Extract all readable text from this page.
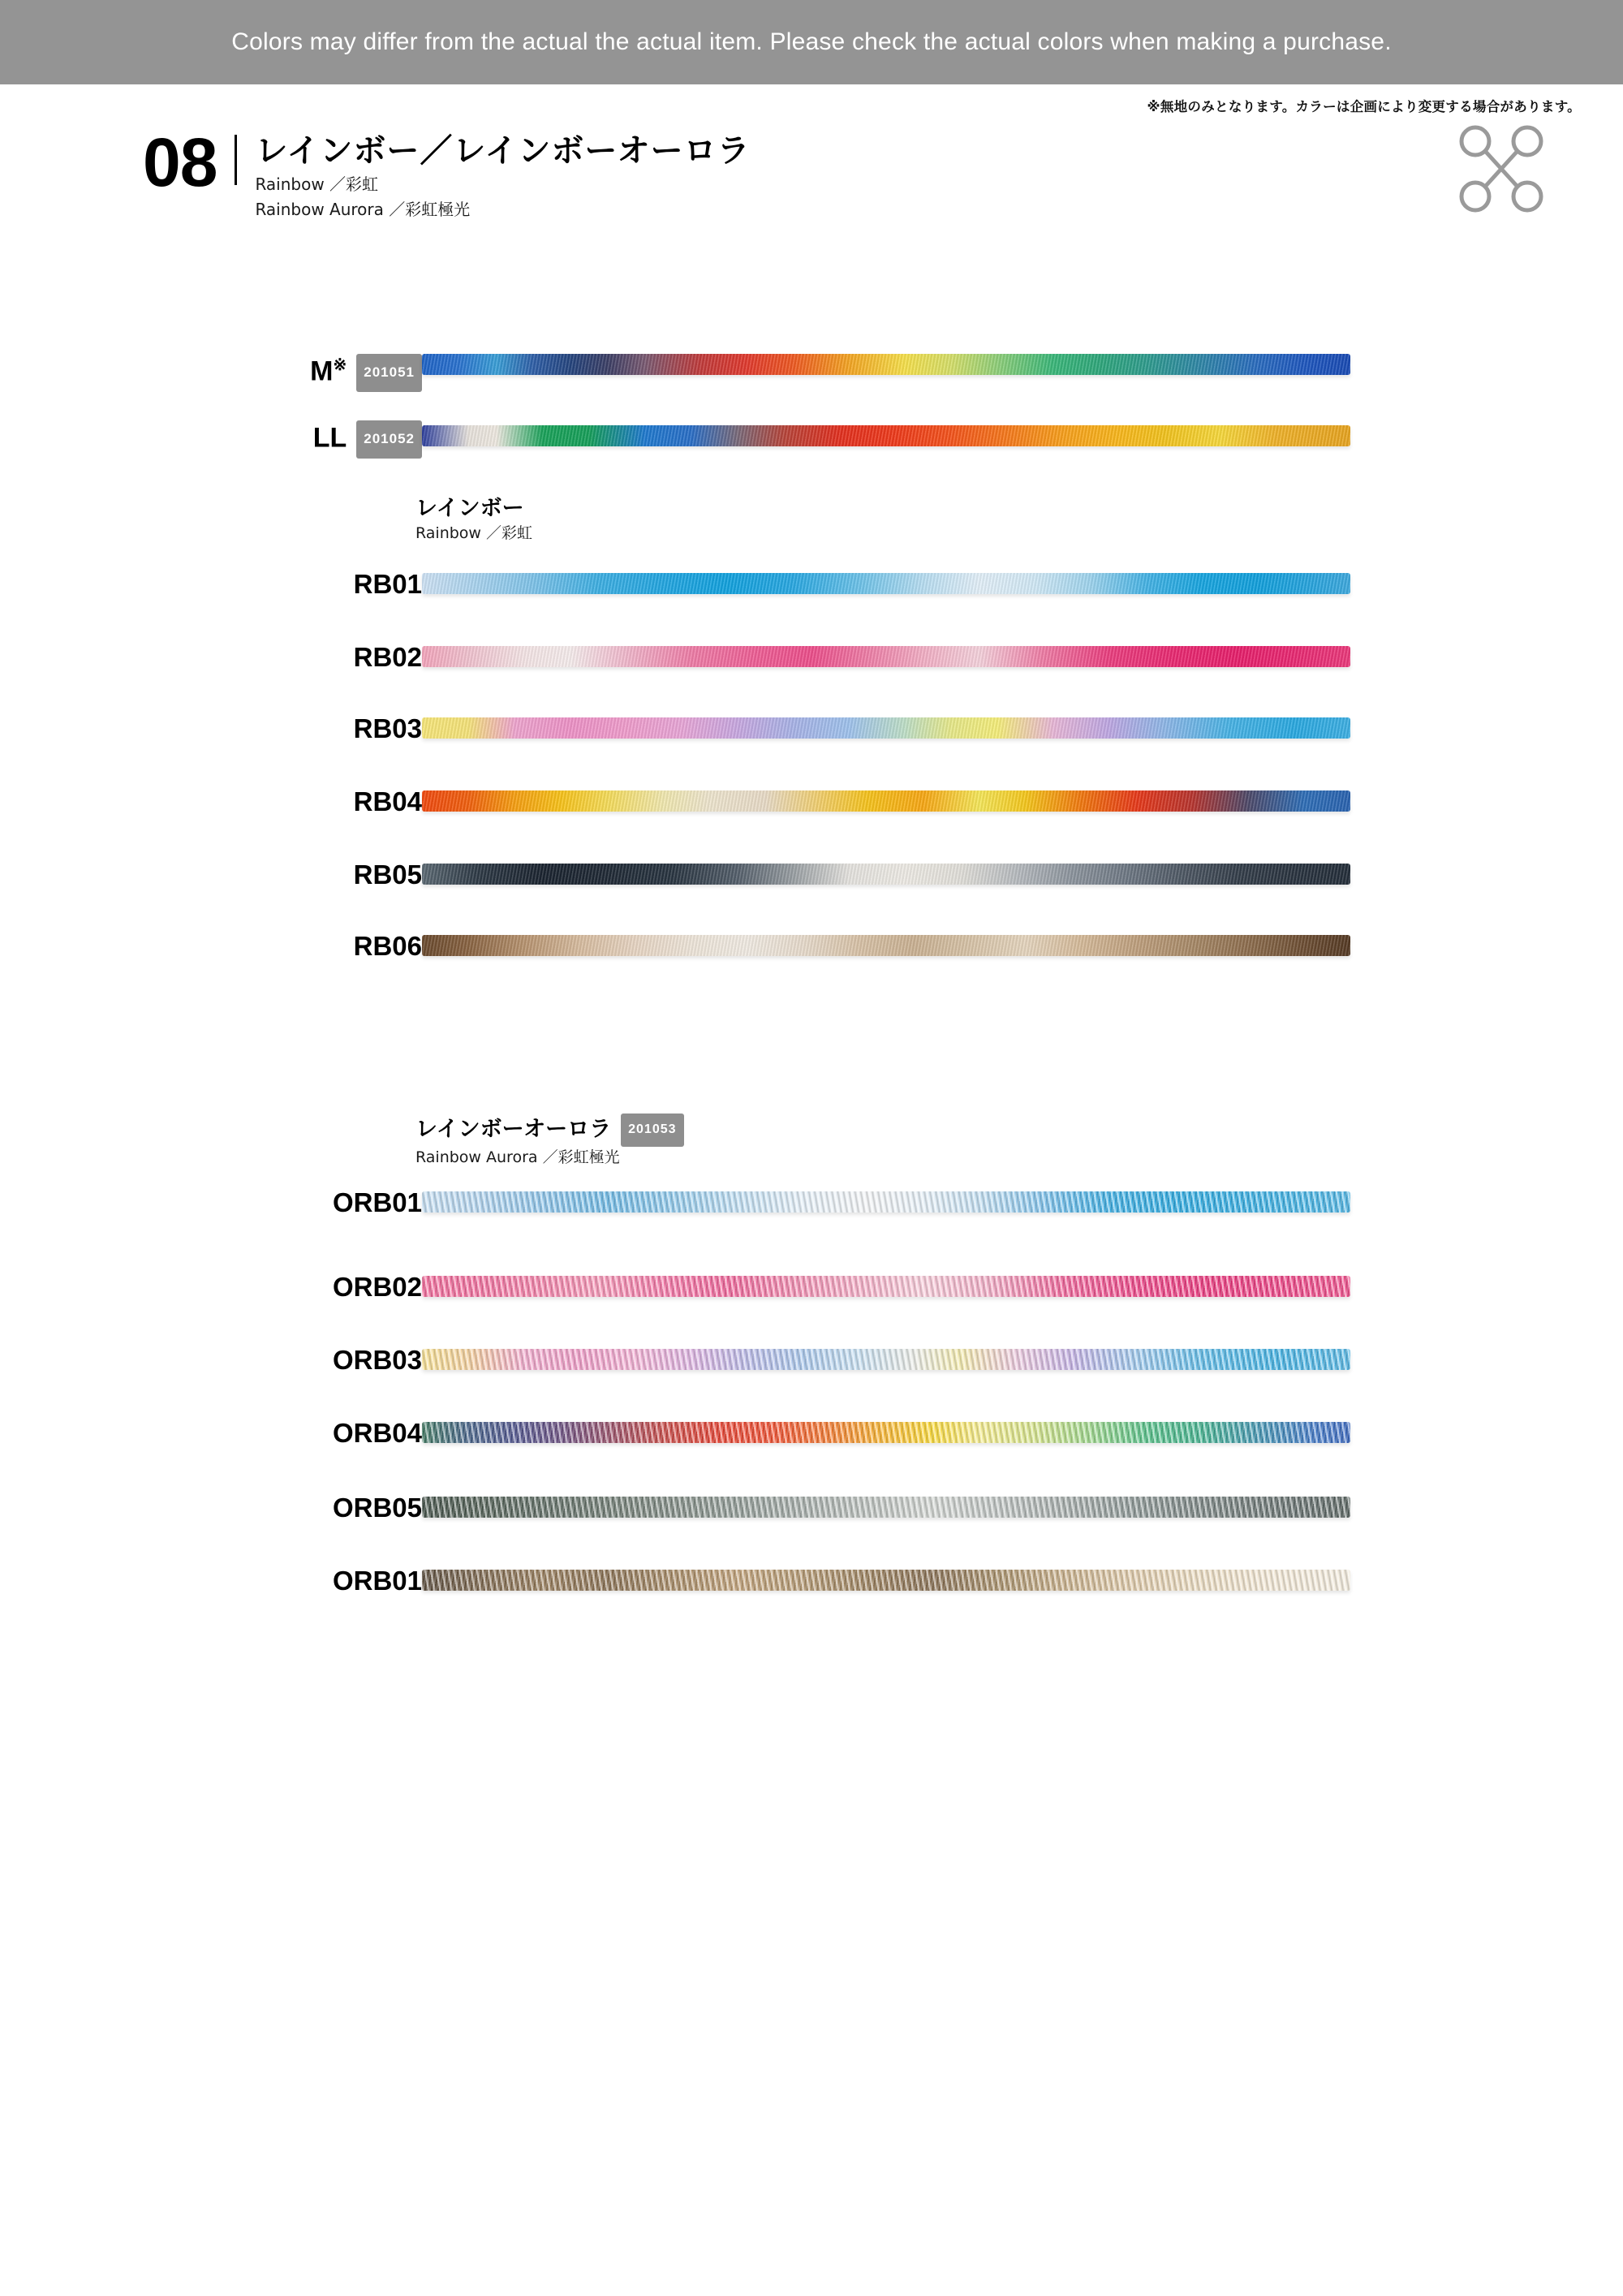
Colors may differ from the actual the actual item. Please check the actual colors when making a purchase.
※無地のみとなります。カラーは企画により変更する場合があります。
08 レインボー／レインボーオーロラ
Rainbow ／彩虹
Rainbow Aurora ／彩虹極光
M※ 201051
LL 201052
レインボー
Rainbow ／彩虹
RB01
RB02
RB03
RB04
RB05
RB06
レインボーオーロラ 201053
Rainbow Aurora ／彩虹極光
ORB01
ORB02
ORB03
ORB04
ORB05
ORB01
